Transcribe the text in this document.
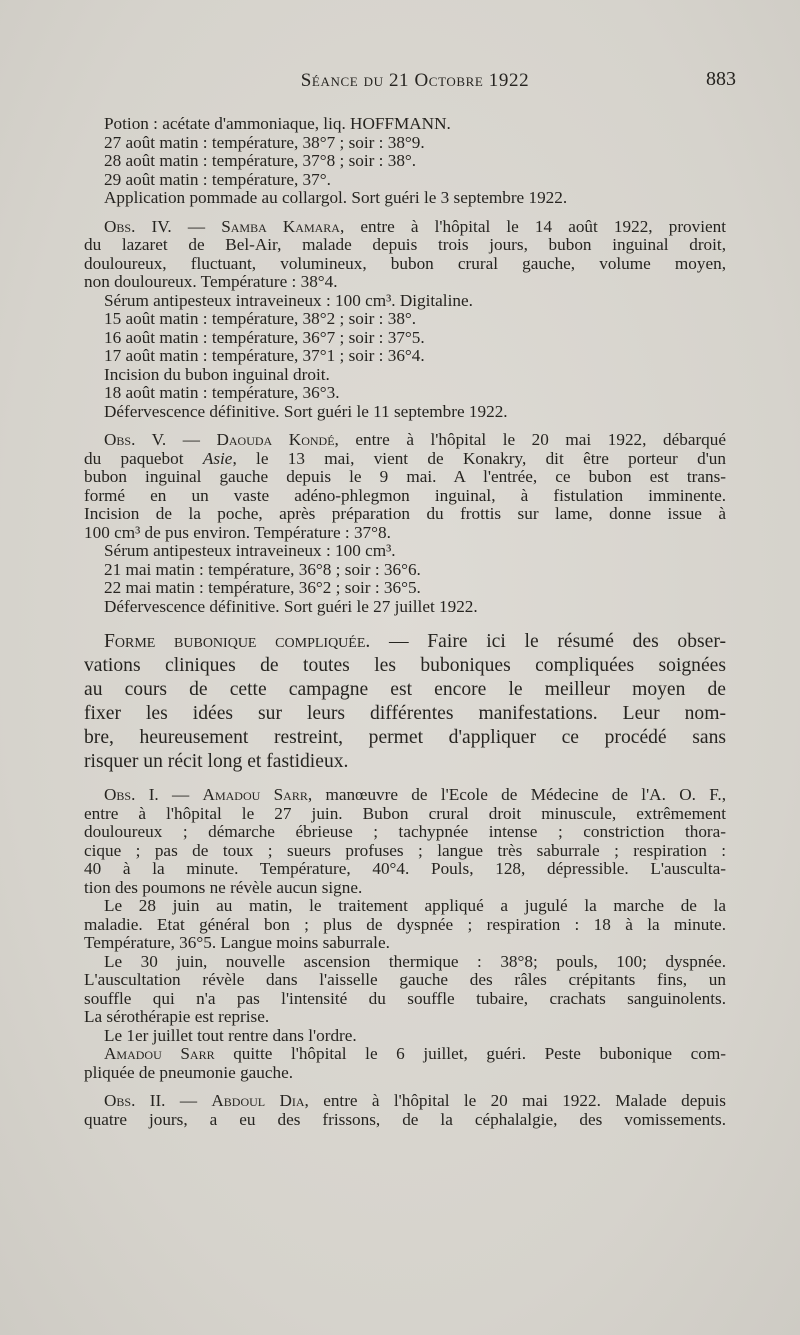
Séance du 21 Octobre 1922	883
Potion : acétate d'ammoniaque, liq. HOFFMANN.
27 août matin : température, 38°7 ; soir : 38°9.
28 août matin : température, 37°8 ; soir : 38°.
29 août matin : température, 37°.
Application pommade au collargol. Sort guéri le 3 septembre 1922.
Obs. IV. — Samba Kamara, entre à l'hôpital le 14 août 1922, provient
du lazaret de Bel-Air, malade depuis trois jours, bubon inguinal droit,
douloureux, fluctuant, volumineux, bubon crural gauche, volume moyen,
non douloureux. Température : 38°4.
Sérum antipesteux intraveineux : 100 cm³. Digitaline.
15 août matin : température, 38°2 ; soir : 38°.
16 août matin : température, 36°7 ; soir : 37°5.
17 août matin : température, 37°1 ; soir : 36°4.
Incision du bubon inguinal droit.
18 août matin : température, 36°3.
Défervescence définitive. Sort guéri le 11 septembre 1922.
Obs. V. — Daouda Kondé, entre à l'hôpital le 20 mai 1922, débarqué
du paquebot Asie, le 13 mai, vient de Konakry, dit être porteur d'un
bubon inguinal gauche depuis le 9 mai. A l'entrée, ce bubon est trans-
formé en un vaste adéno-phlegmon inguinal, à fistulation imminente.
Incision de la poche, après préparation du frottis sur lame, donne issue à
100 cm³ de pus environ. Température : 37°8.
Sérum antipesteux intraveineux : 100 cm³.
21 mai matin : température, 36°8 ; soir : 36°6.
22 mai matin : température, 36°2 ; soir : 36°5.
Défervescence définitive. Sort guéri le 27 juillet 1922.
Forme bubonique compliquée. — Faire ici le résumé des obser-
vations cliniques de toutes les buboniques compliquées soignées
au cours de cette campagne est encore le meilleur moyen de
fixer les idées sur leurs différentes manifestations. Leur nom-
bre, heureusement restreint, permet d'appliquer ce procédé sans
risquer un récit long et fastidieux.
Obs. I. — Amadou Sarr, manœuvre de l'Ecole de Médecine de l'A. O. F.,
entre à l'hôpital le 27 juin. Bubon crural droit minuscule, extrêmement
douloureux ; démarche ébrieuse ; tachypnée intense ; constriction thora-
cique ; pas de toux ; sueurs profuses ; langue très saburrale ; respiration :
40 à la minute. Température, 40°4. Pouls, 128, dépressible. L'ausculta-
tion des poumons ne révèle aucun signe.
Le 28 juin au matin, le traitement appliqué a jugulé la marche de la
maladie. Etat général bon ; plus de dyspnée ; respiration : 18 à la minute.
Température, 36°5. Langue moins saburrale.
Le 30 juin, nouvelle ascension thermique : 38°8; pouls, 100; dyspnée.
L'auscultation révèle dans l'aisselle gauche des râles crépitants fins, un
souffle qui n'a pas l'intensité du souffle tubaire, crachats sanguinolents.
La sérothérapie est reprise.
Le 1er juillet tout rentre dans l'ordre.
Amadou Sarr quitte l'hôpital le 6 juillet, guéri. Peste bubonique com-
pliquée de pneumonie gauche.
Obs. II. — Abdoul Dia, entre à l'hôpital le 20 mai 1922. Malade depuis
quatre jours, a eu des frissons, de la céphalalgie, des vomissements.
